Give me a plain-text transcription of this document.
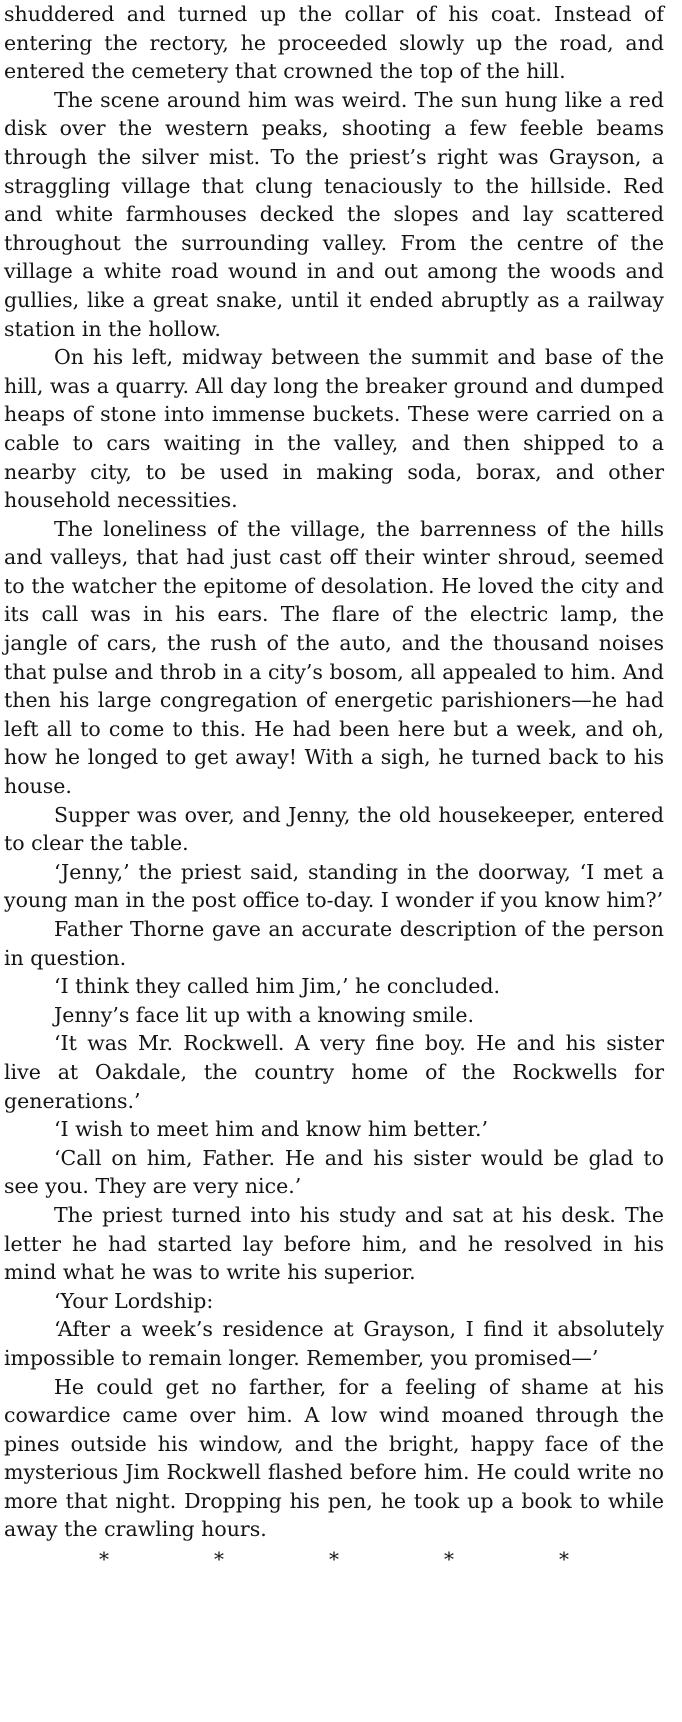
shuddered and turned up the collar of his coat. Instead of entering the rectory, he proceeded slowly up the road, and entered the cemetery that crowned the top of the hill.

The scene around him was weird. The sun hung like a red disk over the western peaks, shooting a few feeble beams through the silver mist. To the priest’s right was Grayson, a straggling village that clung tenaciously to the hillside. Red and white farmhouses decked the slopes and lay scattered throughout the surrounding valley. From the centre of the village a white road wound in and out among the woods and gullies, like a great snake, until it ended abruptly as a railway station in the hollow.

On his left, midway between the summit and base of the hill, was a quarry. All day long the breaker ground and dumped heaps of stone into immense buckets. These were carried on a cable to cars waiting in the valley, and then shipped to a nearby city, to be used in making soda, borax, and other household necessities.

The loneliness of the village, the barrenness of the hills and valleys, that had just cast off their winter shroud, seemed to the watcher the epitome of desolation. He loved the city and its call was in his ears. The flare of the electric lamp, the jangle of cars, the rush of the auto, and the thousand noises that pulse and throb in a city’s bosom, all appealed to him. And then his large congregation of energetic parishioners—he had left all to come to this. He had been here but a week, and oh, how he longed to get away! With a sigh, he turned back to his house.

Supper was over, and Jenny, the old housekeeper, entered to clear the table.

‘Jenny,’ the priest said, standing in the doorway, ‘I met a young man in the post office to-day. I wonder if you know him?’

Father Thorne gave an accurate description of the person in question.

‘I think they called him Jim,’ he concluded.

Jenny’s face lit up with a knowing smile.

‘It was Mr. Rockwell. A very fine boy. He and his sister live at Oakdale, the country home of the Rockwells for generations.’

‘I wish to meet him and know him better.’

‘Call on him, Father. He and his sister would be glad to see you. They are very nice.’

The priest turned into his study and sat at his desk. The letter he had started lay before him, and he resolved in his mind what he was to write his superior.

‘Your Lordship:

‘After a week’s residence at Grayson, I find it absolutely impossible to remain longer. Remember, you promised—’

He could get no farther, for a feeling of shame at his cowardice came over him. A low wind moaned through the pines outside his window, and the bright, happy face of the mysterious Jim Rockwell flashed before him. He could write no more that night. Dropping his pen, he took up a book to while away the crawling hours.

*	*	*	*	*
